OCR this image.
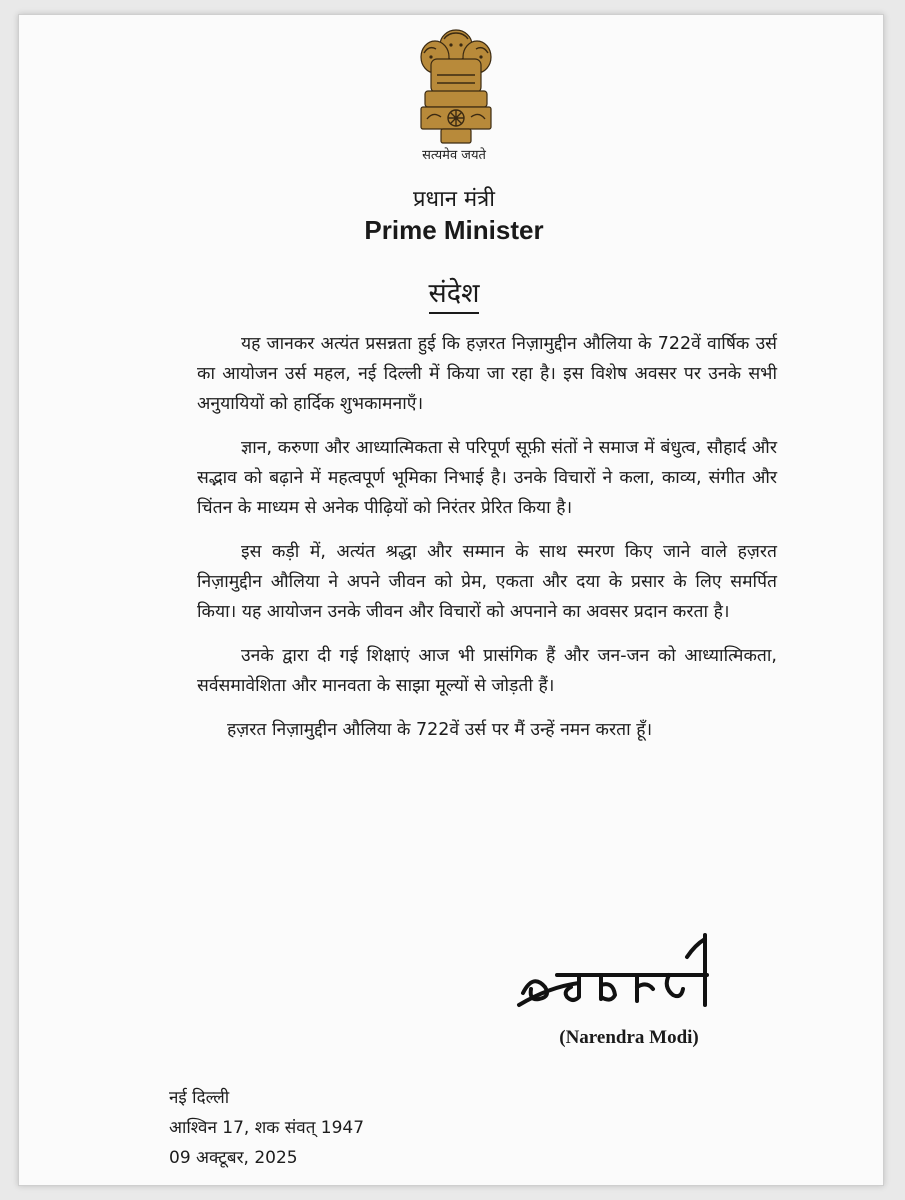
सत्यमेव जयते
प्रधान मंत्री
Prime Minister
संदेश

यह जानकर अत्यंत प्रसन्नता हुई कि हज़रत निज़ामुद्दीन औलिया के 722वें वार्षिक उर्स का आयोजन उर्स महल, नई दिल्ली में किया जा रहा है। इस विशेष अवसर पर उनके सभी अनुयायियों को हार्दिक शुभकामनाएँ।

ज्ञान, करुणा और आध्यात्मिकता से परिपूर्ण सूफ़ी संतों ने समाज में बंधुत्व, सौहार्द और सद्भाव को बढ़ाने में महत्वपूर्ण भूमिका निभाई है। उनके विचारों ने कला, काव्य, संगीत और चिंतन के माध्यम से अनेक पीढ़ियों को निरंतर प्रेरित किया है।

इस कड़ी में, अत्यंत श्रद्धा और सम्मान के साथ स्मरण किए जाने वाले हज़रत निज़ामुद्दीन औलिया ने अपने जीवन को प्रेम, एकता और दया के प्रसार के लिए समर्पित किया। यह आयोजन उनके जीवन और विचारों को अपनाने का अवसर प्रदान करता है।

उनके द्वारा दी गई शिक्षाएं आज भी प्रासंगिक हैं और जन-जन को आध्यात्मिकता, सर्वसमावेशिता और मानवता के साझा मूल्यों से जोड़ती हैं।

हज़रत निज़ामुद्दीन औलिया के 722वें उर्स पर मैं उन्हें नमन करता हूँ।

(Narendra Modi)
नई दिल्ली
आश्विन 17, शक संवत् 1947
09 अक्टूबर, 2025
